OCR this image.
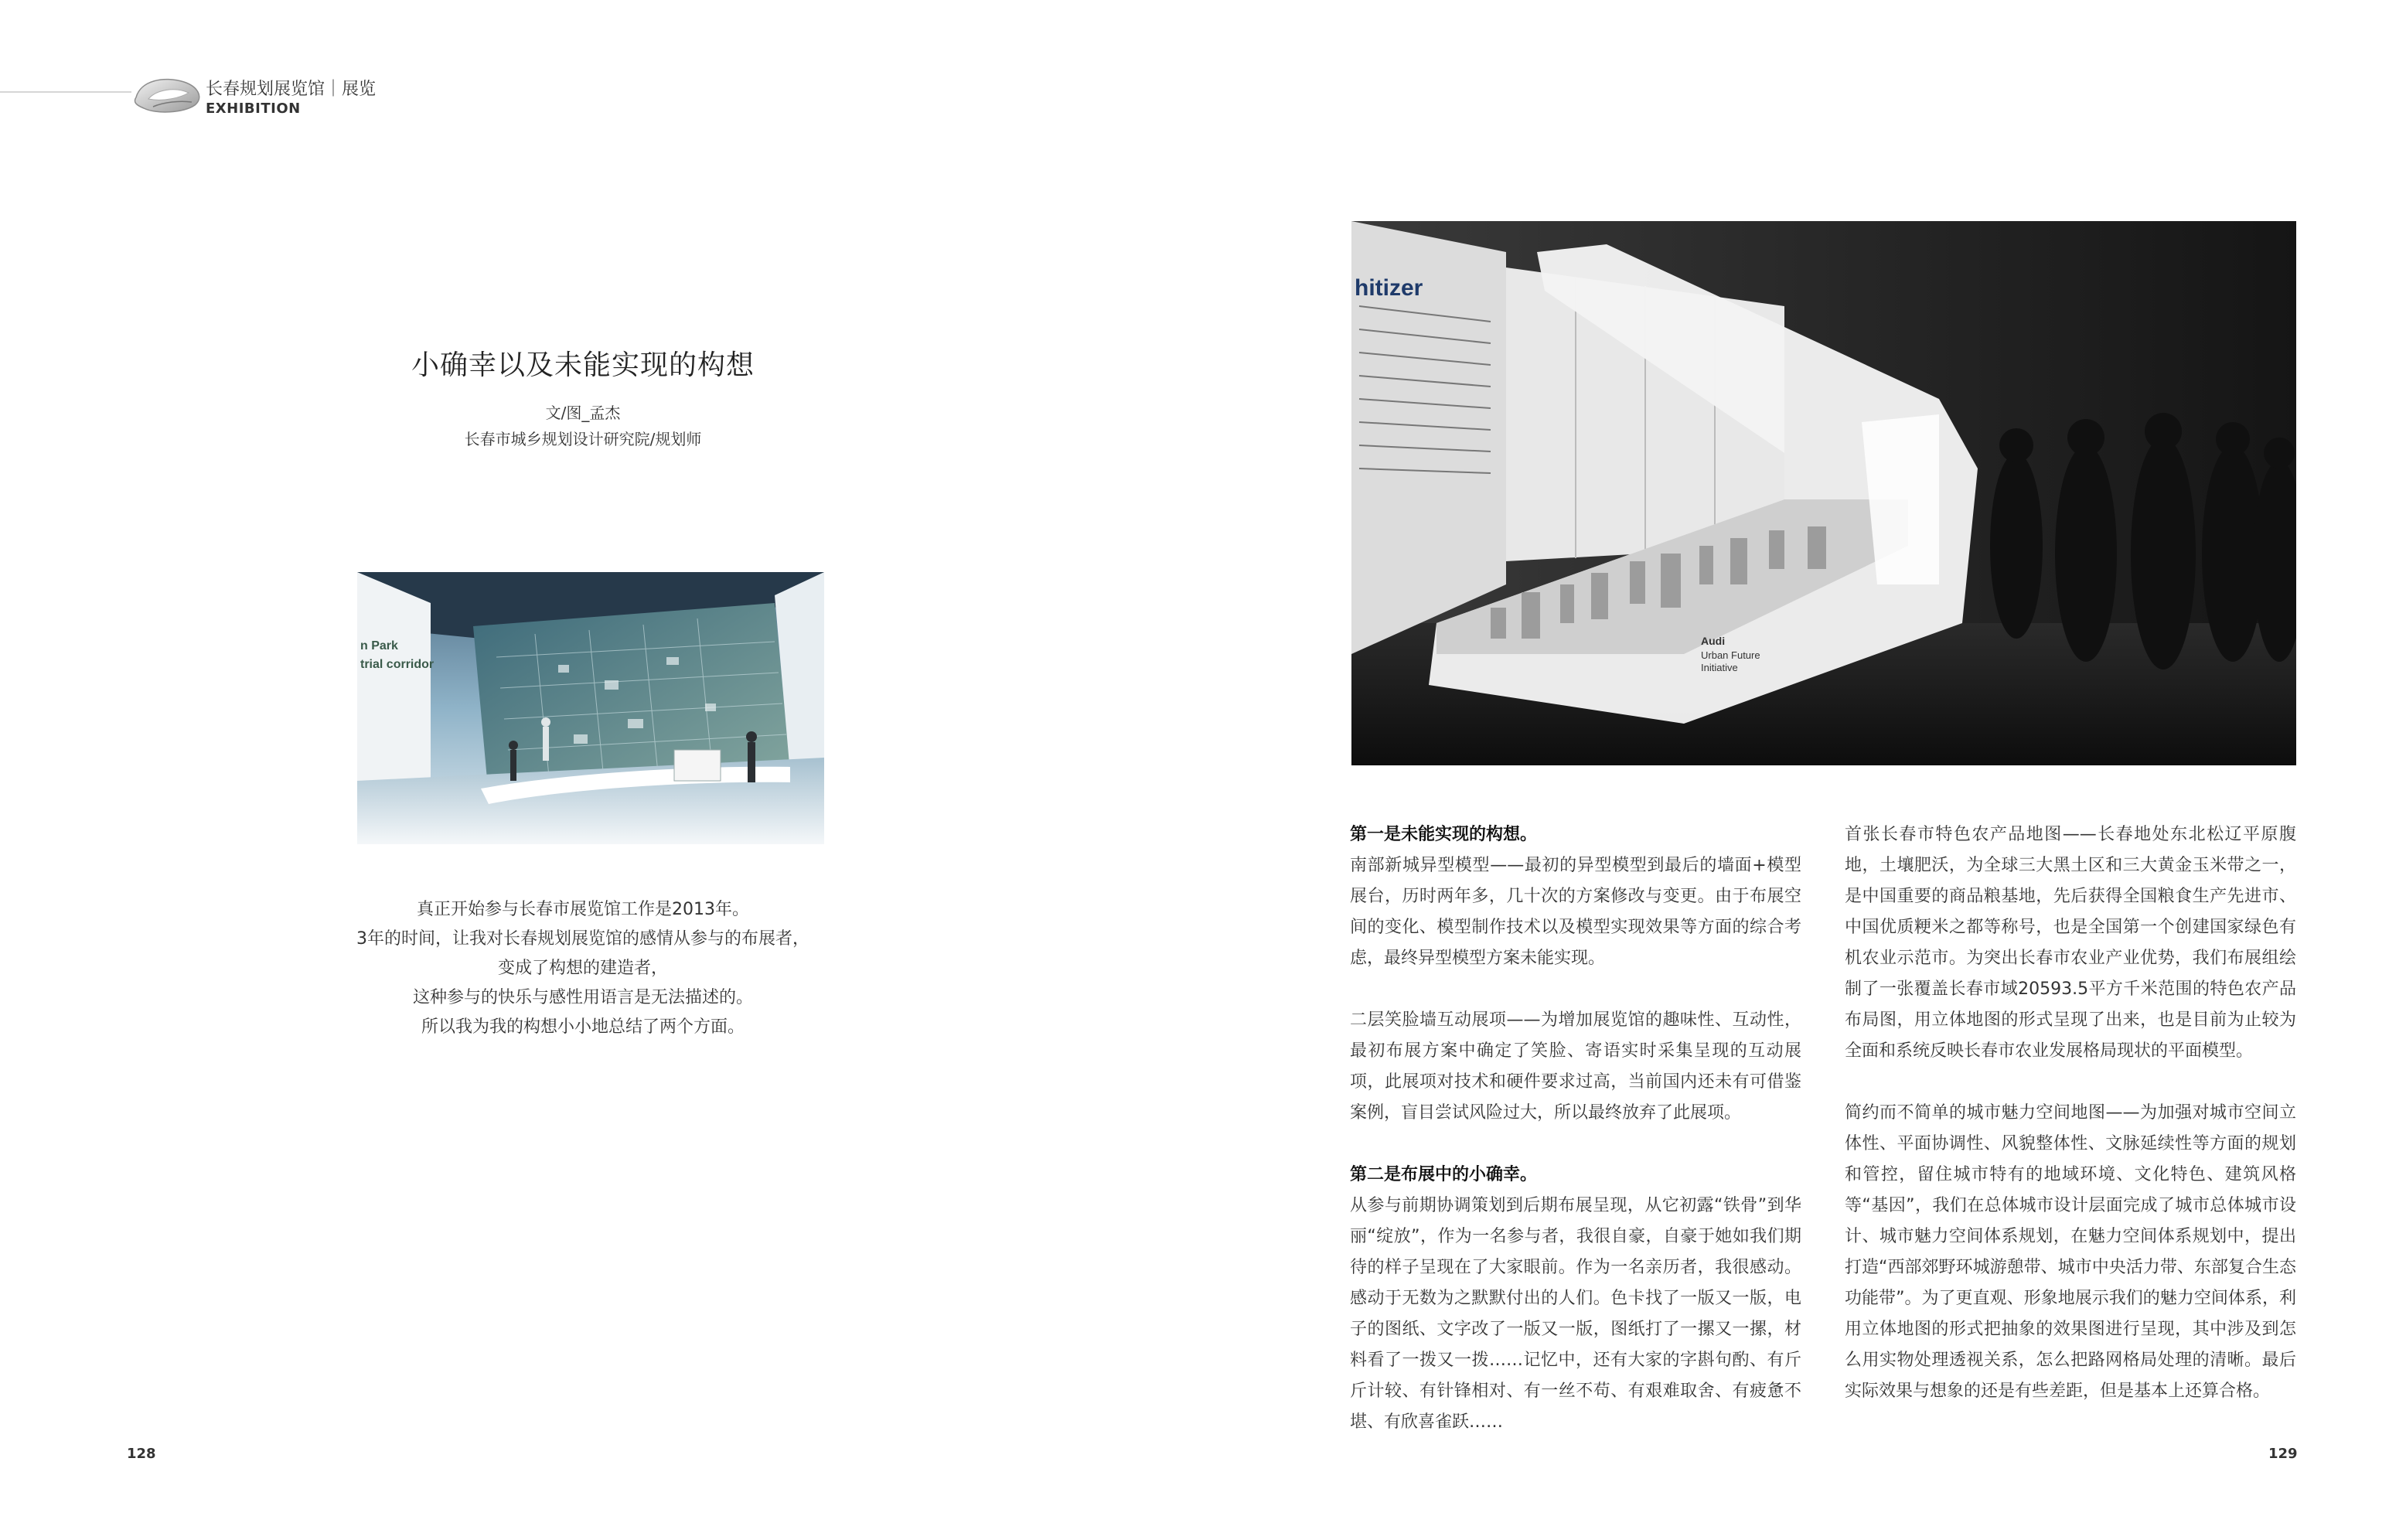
长春规划展览馆｜展览
EXHIBITION
小确幸以及未能实现的构想
文/图_孟杰
长春市城乡规划设计研究院/规划师
n Park
trial corridor
真正开始参与长春市展览馆工作是2013年。
3年的时间，让我对长春规划展览馆的感情从参与的布展者，
变成了构想的建造者，
这种参与的快乐与感性用语言是无法描述的。
所以我为我的构想小小地总结了两个方面。
128
hitizer
Audi
Urban Future
Initiative
第一是未能实现的构想。
南部新城异型模型——最初的异型模型到最后的墙面+模型展台，历时两年多，几十次的方案修改与变更。由于布展空间的变化、模型制作技术以及模型实现效果等方面的综合考虑，最终异型模型方案未能实现。
二层笑脸墙互动展项——为增加展览馆的趣味性、互动性，最初布展方案中确定了笑脸、寄语实时采集呈现的互动展项，此展项对技术和硬件要求过高，当前国内还未有可借鉴案例，盲目尝试风险过大，所以最终放弃了此展项。
第二是布展中的小确幸。
从参与前期协调策划到后期布展呈现，从它初露“铁骨”到华丽“绽放”，作为一名参与者，我很自豪，自豪于她如我们期待的样子呈现在了大家眼前。作为一名亲历者，我很感动。感动于无数为之默默付出的人们。色卡找了一版又一版，电子的图纸、文字改了一版又一版，图纸打了一摞又一摞，材料看了一拨又一拨……记忆中，还有大家的字斟句酌、有斤斤计较、有针锋相对、有一丝不苟、有艰难取舍、有疲惫不堪、有欣喜雀跃……
首张长春市特色农产品地图——长春地处东北松辽平原腹地，土壤肥沃，为全球三大黑土区和三大黄金玉米带之一，是中国重要的商品粮基地，先后获得全国粮食生产先进市、中国优质粳米之都等称号，也是全国第一个创建国家绿色有机农业示范市。为突出长春市农业产业优势，我们布展组绘制了一张覆盖长春市域20593.5平方千米范围的特色农产品布局图，用立体地图的形式呈现了出来，也是目前为止较为全面和系统反映长春市农业发展格局现状的平面模型。
简约而不简单的城市魅力空间地图——为加强对城市空间立体性、平面协调性、风貌整体性、文脉延续性等方面的规划和管控，留住城市特有的地域环境、文化特色、建筑风格等“基因”，我们在总体城市设计层面完成了城市总体城市设计、城市魅力空间体系规划，在魅力空间体系规划中，提出打造“西部郊野环城游憩带、城市中央活力带、东部复合生态功能带”。为了更直观、形象地展示我们的魅力空间体系，利用立体地图的形式把抽象的效果图进行呈现，其中涉及到怎么用实物处理透视关系，怎么把路网格局处理的清晰。最后实际效果与想象的还是有些差距，但是基本上还算合格。
129
